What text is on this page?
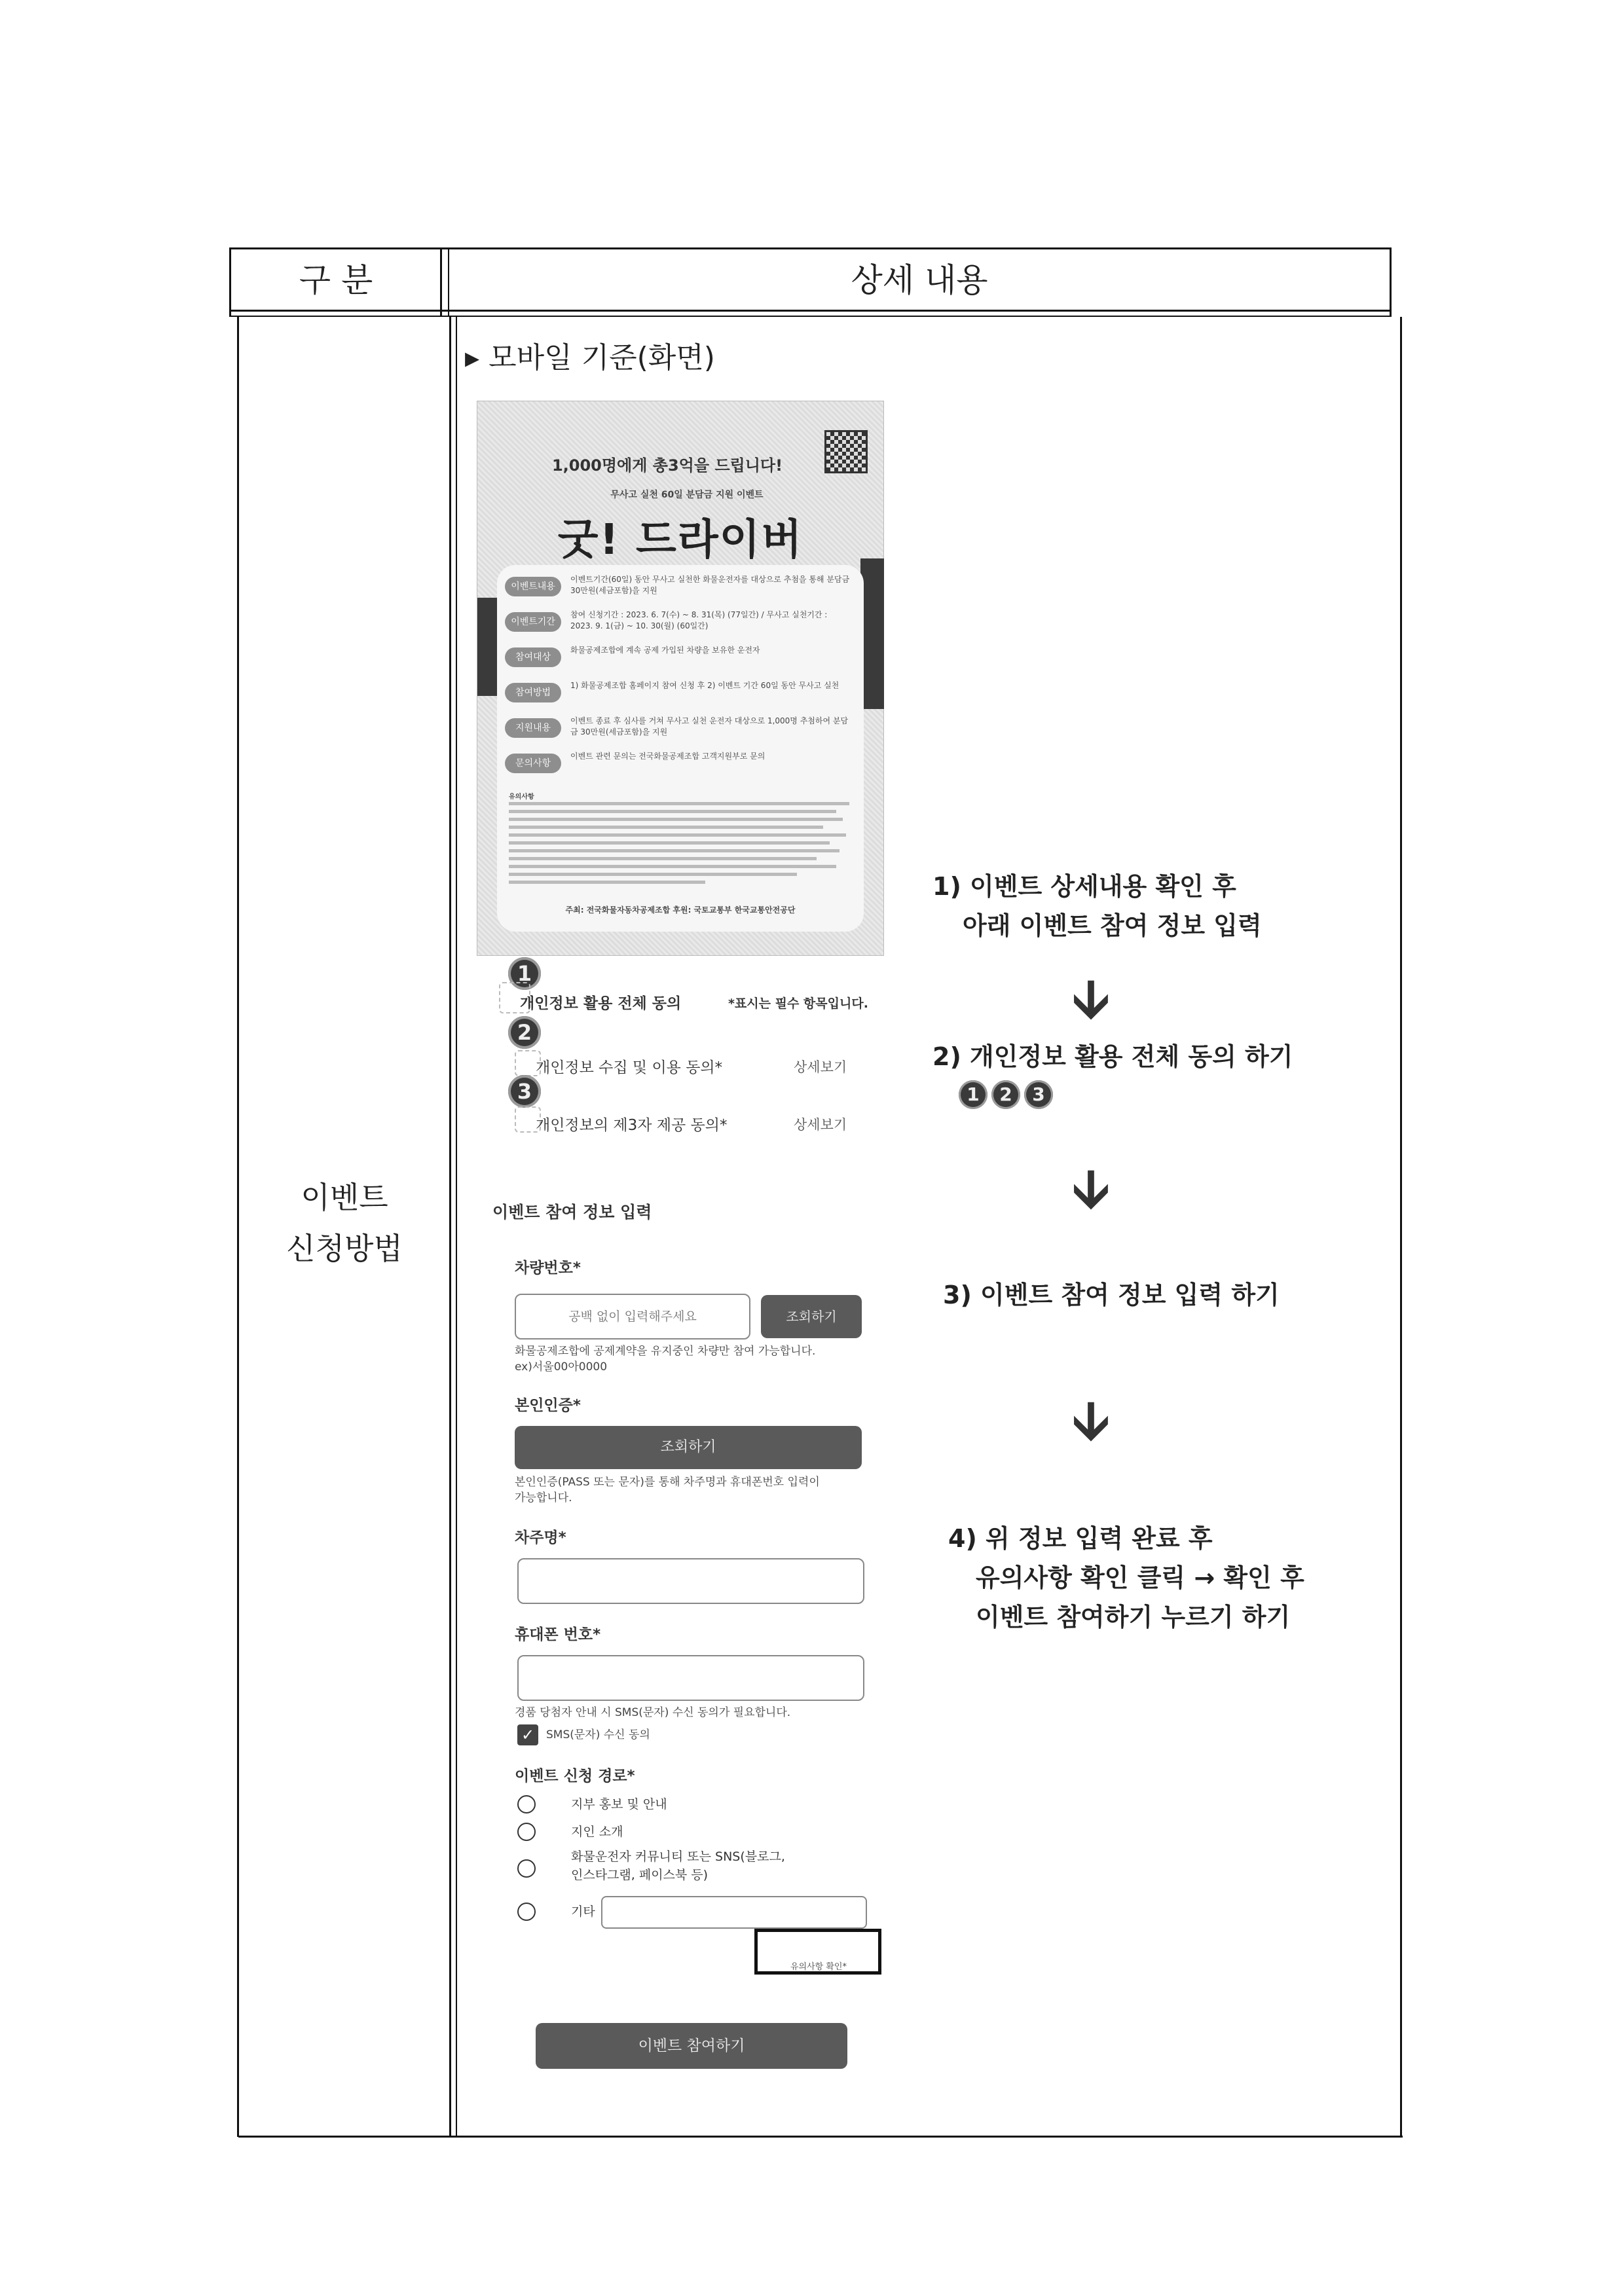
구 분	상세 내용
이벤트
신청방법
▸ 모바일 기준(화면)
1,000명에게 총3억을 드립니다!
무사고 실천 60일 분담금 지원 이벤트
굿! 드라이버
이벤트내용
이벤트기간(60일) 동안 무사고 실천한 화물운전자를 대상으로 추첨을 통해 분담금 30만원(세금포함)을 지원
이벤트기간
참여 신청기간 : 2023. 6. 7(수) ~ 8. 31(목) (77일간) / 무사고 실천기간 : 2023. 9. 1(금) ~ 10. 30(월) (60일간)
참여대상
화물공제조합에 계속 공제 가입된 차량을 보유한 운전자
참여방법
1) 화물공제조합 홈페이지 참여 신청 후 2) 이벤트 기간 60일 동안 무사고 실천
지원내용
이벤트 종료 후 심사를 거쳐 무사고 실천 운전자 대상으로 1,000명 추첨하여 분담금 30만원(세금포함)을 지원
문의사항
이벤트 관련 문의는 전국화물공제조합 고객지원부로 문의
유의사항
주최: 전국화물자동차공제조합 후원: 국토교통부 한국교통안전공단
1
개인정보 활용 전체 동의	*표시는 필수 항목입니다.
2
개인정보 수집 및 이용 동의*	상세보기
3
개인정보의 제3자 제공 동의*	상세보기
이벤트 참여 정보 입력
차량번호*
공백 없이 입력해주세요
조회하기
화물공제조합에 공제계약을 유지중인 차량만 참여 가능합니다.
ex)서울00아0000
본인인증*
조회하기
본인인증(PASS 또는 문자)를 통해 차주명과 휴대폰번호 입력이
가능합니다.
차주명*
휴대폰 번호*
경품 당첨자 안내 시 SMS(문자) 수신 동의가 필요합니다.
✓	SMS(문자) 수신 동의
이벤트 신청 경로*
지부 홍보 및 안내
지인 소개
화물운전자 커뮤니티 또는 SNS(블로그,
인스타그램, 페이스북 등)
기타
유의사항 확인*
이벤트 참여하기
1) 이벤트 상세내용 확인 후
아래 이벤트 참여 정보 입력
🡫
2) 개인정보 활용 전체 동의 하기
1	2	3
🡫
3) 이벤트 참여 정보 입력 하기
🡫
4) 위 정보 입력 완료 후
유의사항 확인 클릭 → 확인 후
이벤트 참여하기 누르기 하기
